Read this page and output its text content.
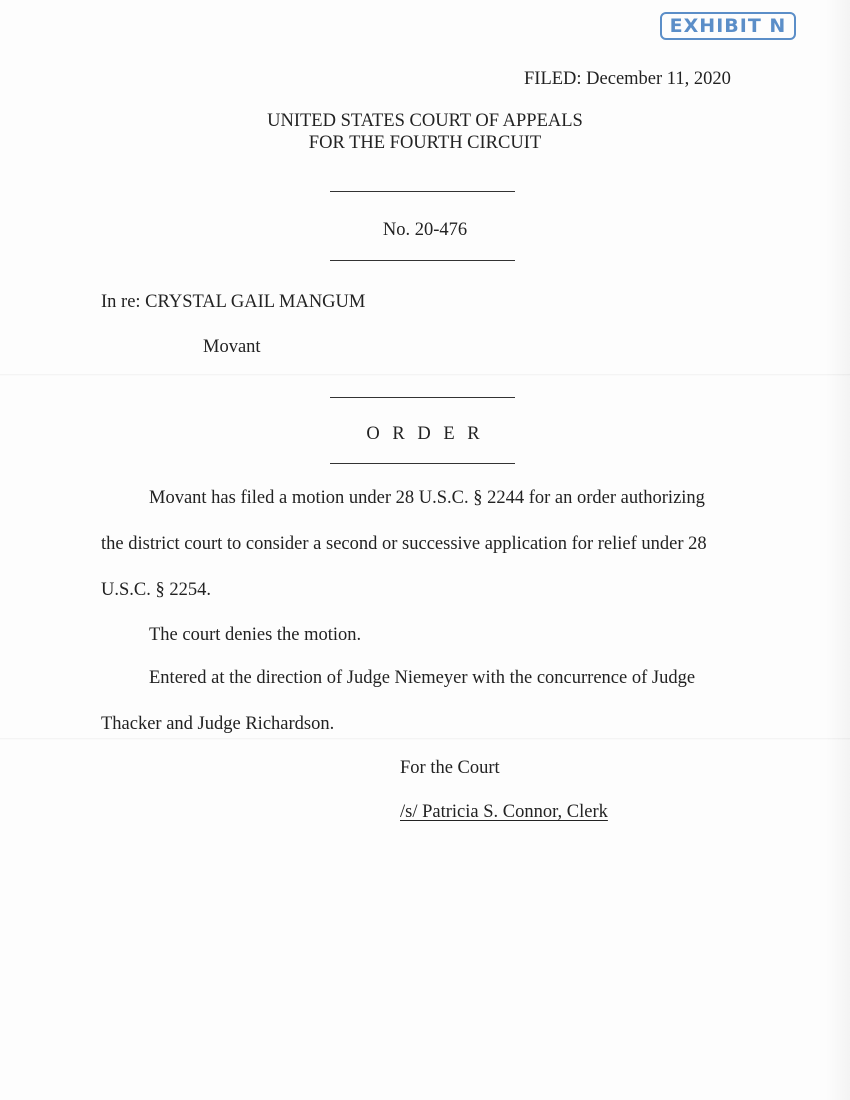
EXHIBIT N
FILED: December 11, 2020
UNITED STATES COURT OF APPEALS
FOR THE FOURTH CIRCUIT
No. 20-476
In re: CRYSTAL GAIL MANGUM
Movant
O R D E R
Movant has filed a motion under 28 U.S.C. § 2244 for an order authorizing
the district court to consider a second or successive application for relief under 28
U.S.C. § 2254.
The court denies the motion.
Entered at the direction of Judge Niemeyer with the concurrence of Judge
Thacker and Judge Richardson.
For the Court
/s/ Patricia S. Connor, Clerk
